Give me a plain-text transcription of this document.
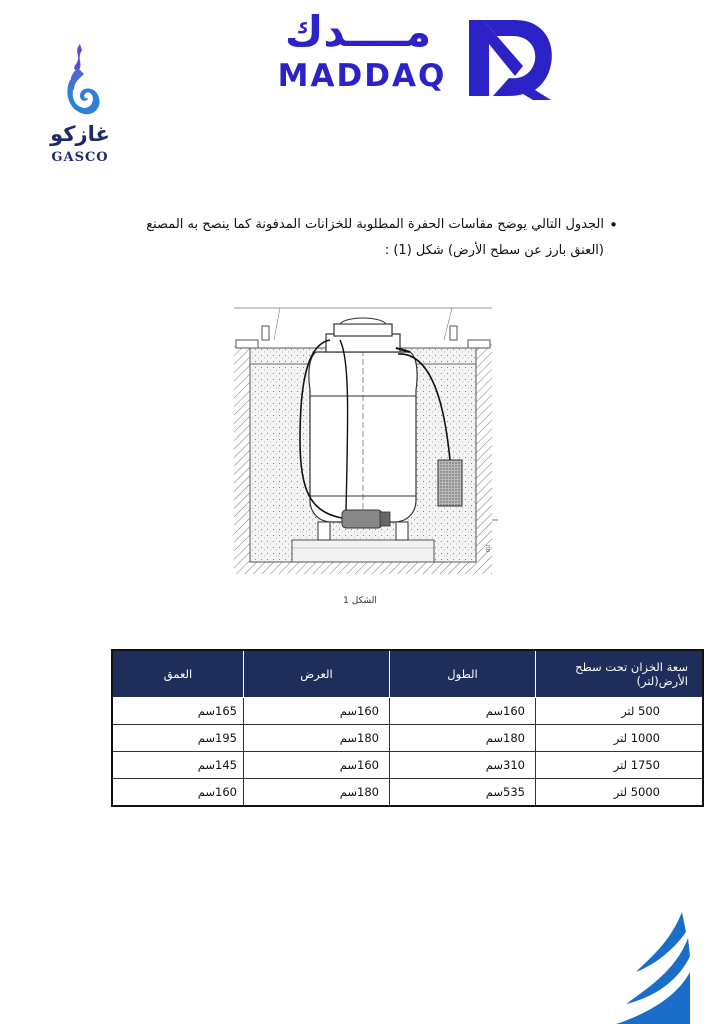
غازكو
GASCO
مــــدك
MADDAQ
•
الجدول التالي يوضح مقاسات الحفرة المطلوبة للخزانات المدفونة كما ينصح به المصنع
(العنق بارز عن سطح الأرض) شكل (1) :
RU
الشكل 1
سعة الخزان تحت سطح الأرض(لتر)	الطول	العرض	العمق
500 لتر	160سم	160سم	165سم
1000 لتر	180سم	180سم	195سم
1750 لتر	310سم	160سم	145سم
5000 لتر	535سم	180سم	160سم
